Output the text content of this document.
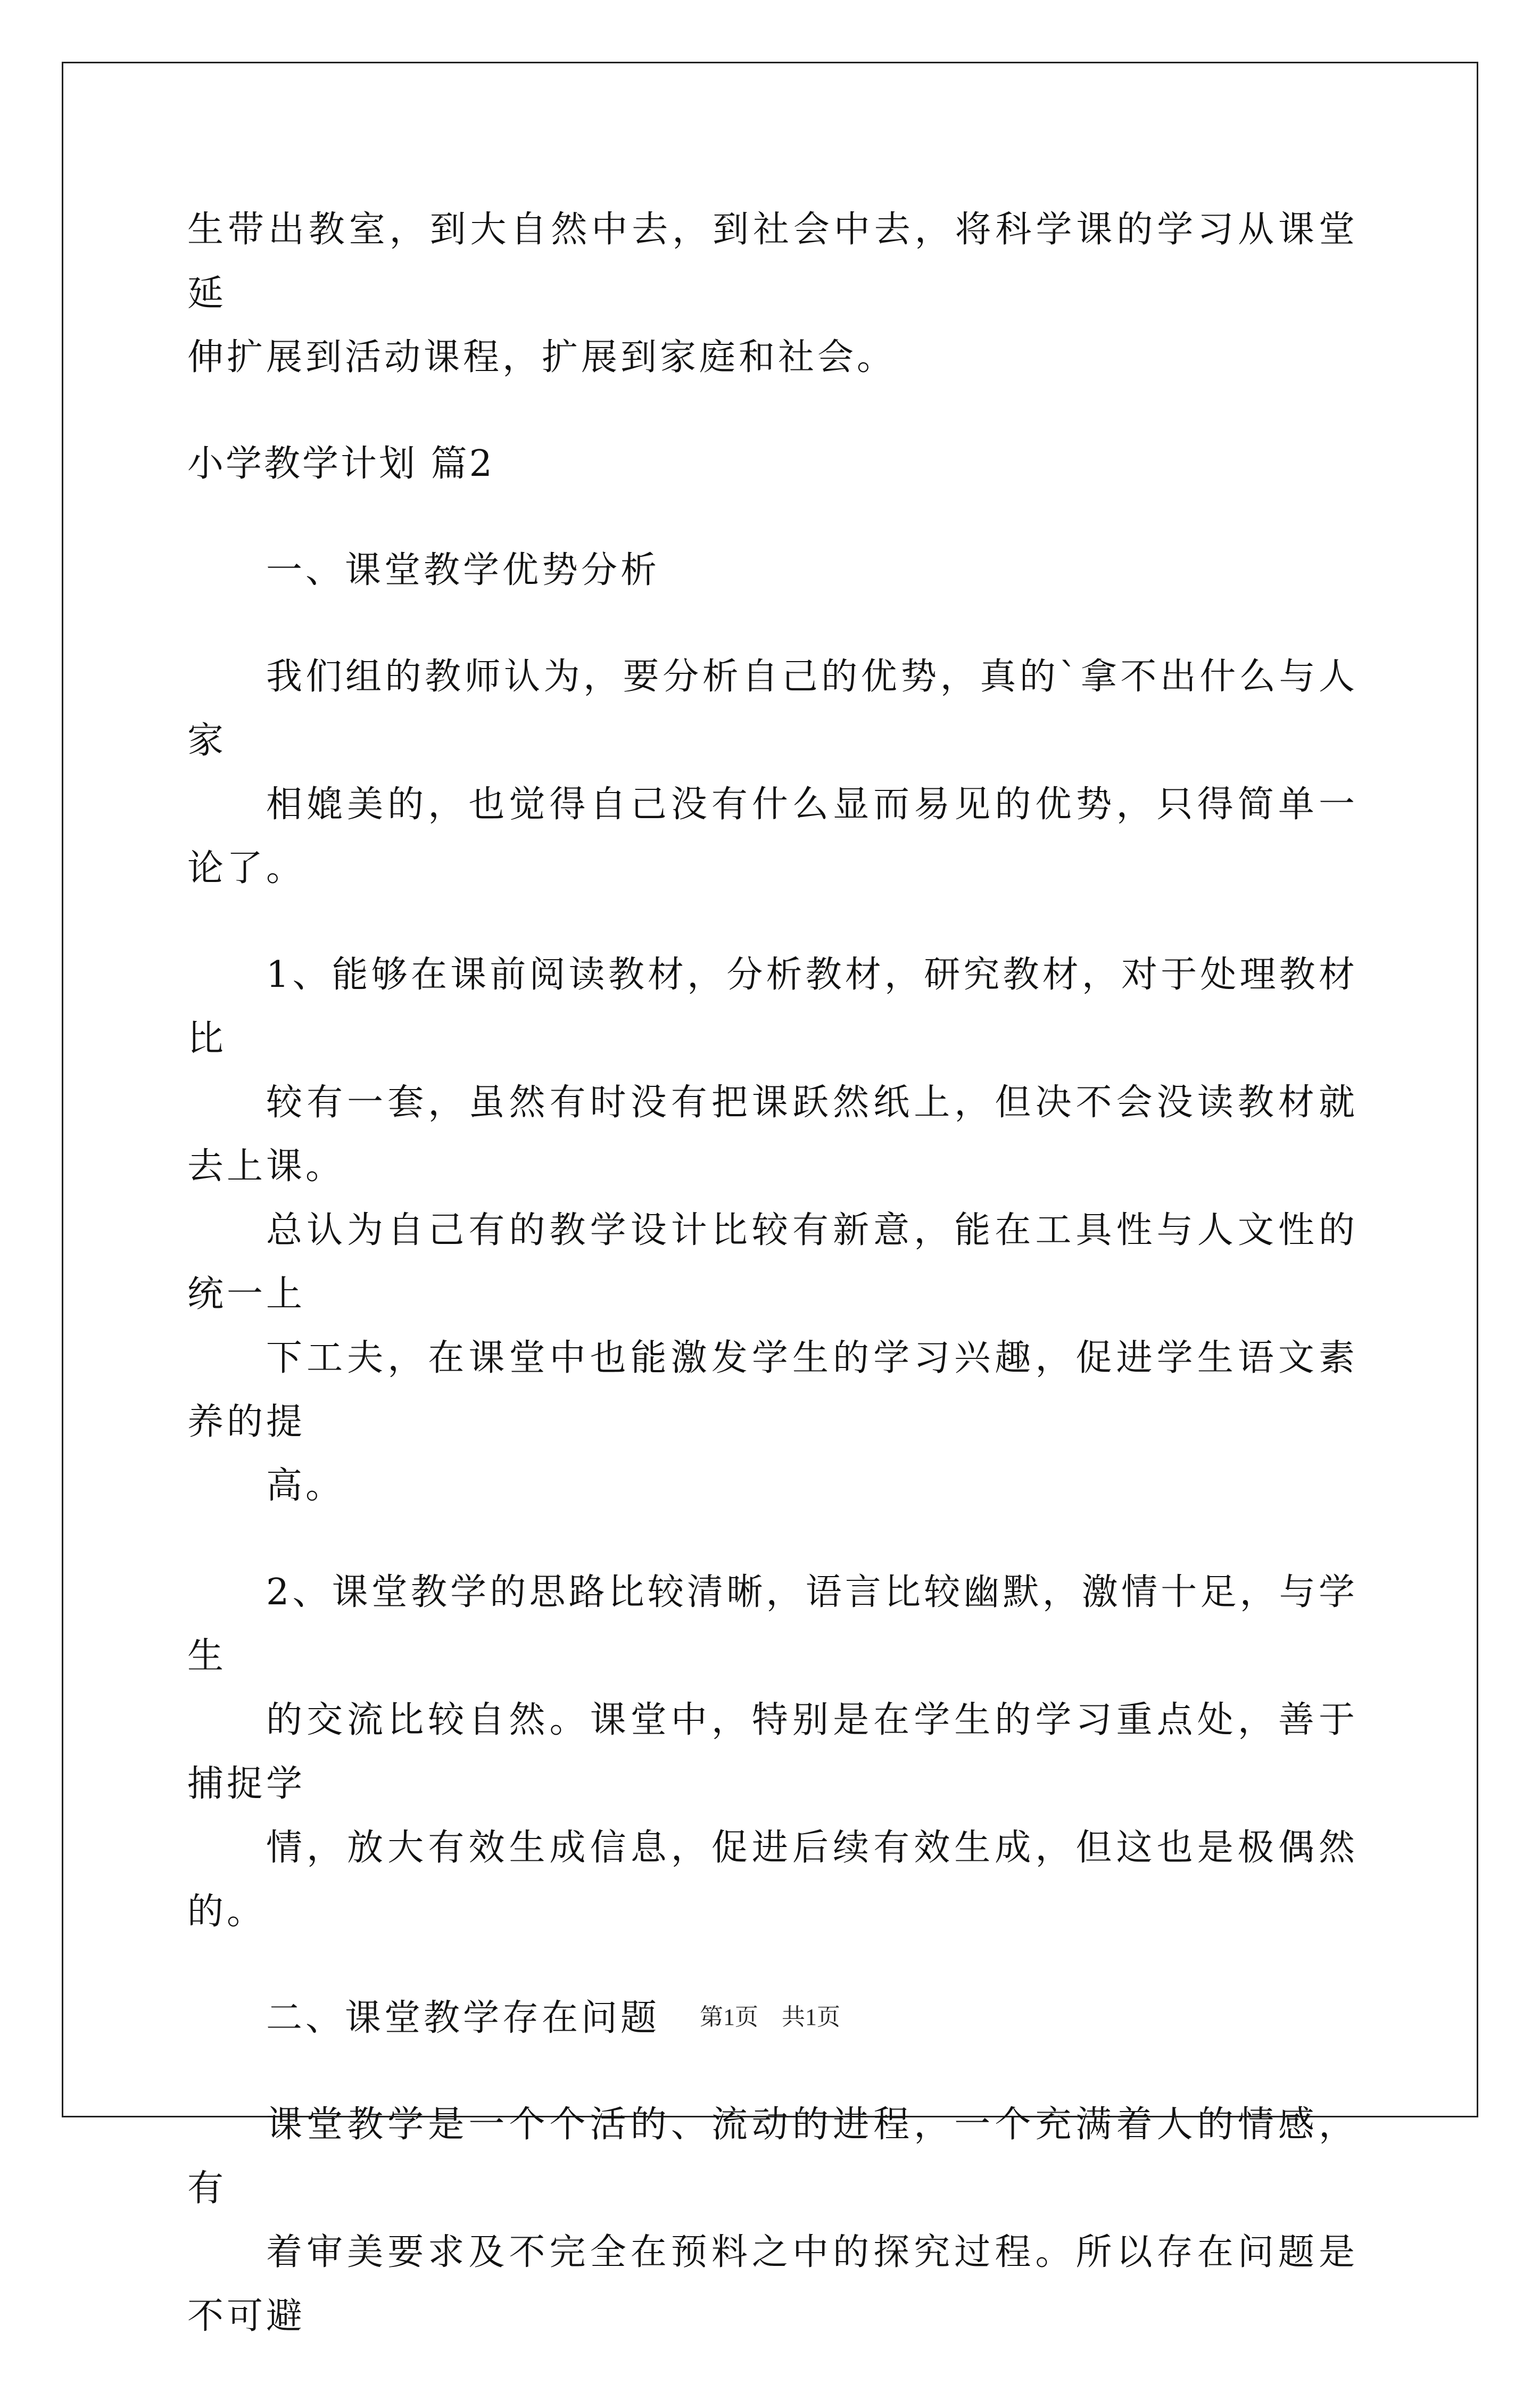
生带出教室，到大自然中去，到社会中去，将科学课的学习从课堂延
伸扩展到活动课程，扩展到家庭和社会。

小学教学计划 篇2

一、课堂教学优势分析

我们组的教师认为，要分析自己的优势，真的`拿不出什么与人家
相媲美的，也觉得自己没有什么显而易见的优势，只得简单一论了。

1、能够在课前阅读教材，分析教材，研究教材，对于处理教材比
较有一套，虽然有时没有把课跃然纸上，但决不会没读教材就去上课。
总认为自己有的教学设计比较有新意，能在工具性与人文性的统一上
下工夫，在课堂中也能激发学生的学习兴趣，促进学生语文素养的提
高。

2、课堂教学的思路比较清晰，语言比较幽默，激情十足，与学生
的交流比较自然。课堂中，特别是在学生的学习重点处，善于捕捉学
情，放大有效生成信息，促进后续有效生成，但这也是极偶然的。

二、课堂教学存在问题

课堂教学是一个个活的、流动的进程，一个充满着人的情感，有
着审美要求及不完全在预料之中的探究过程。所以存在问题是不可避

第1页　共1页
